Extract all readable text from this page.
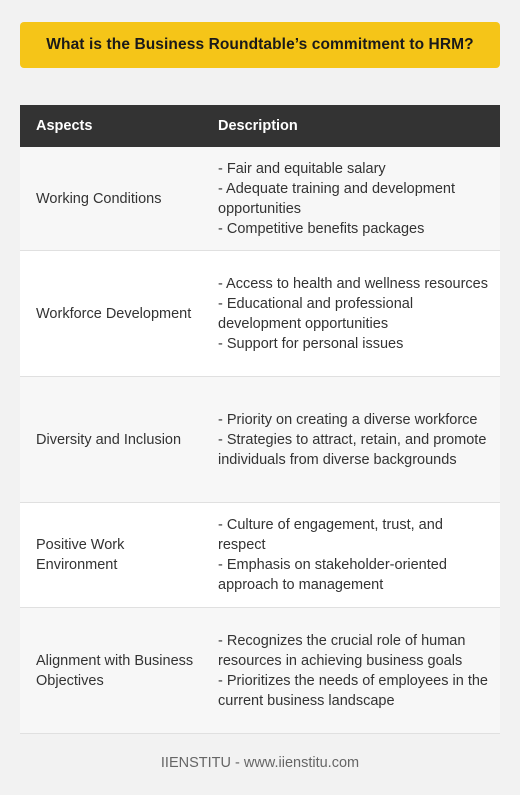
What is the Business Roundtable’s commitment to HRM?
Aspects	Description
Working Conditions	- Fair and equitable salary
- Adequate training and development opportunities
- Competitive benefits packages

Workforce Development	- Access to health and wellness resources
- Educational and professional development opportunities
- Support for personal issues

Diversity and Inclusion	- Priority on creating a diverse workforce
- Strategies to attract, retain, and promote individuals from diverse backgrounds

Positive Work Environment	- Culture of engagement, trust, and respect
- Emphasis on stakeholder-oriented approach to management

Alignment with Business Objectives	- Recognizes the crucial role of human resources in achieving business goals
- Prioritizes the needs of employees in the current business landscape
IIENSTITU - www.iienstitu.com
